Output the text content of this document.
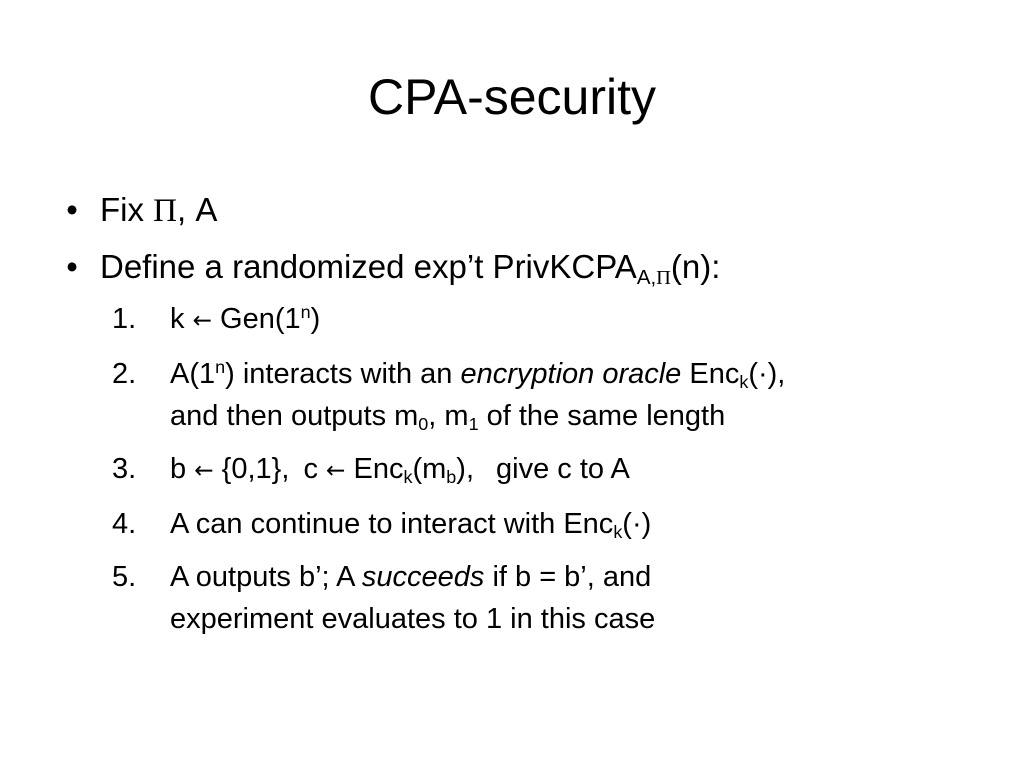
CPA-security
• Fix Π, A
• Define a randomized exp’t PrivKCPA$_{A,\Pi}$(n):
1. k ← Gen(1$^n$)
2. A(1$^n$) interacts with an encryption oracle Enc$_k$(·),
and then outputs $m_0$, $m_1$ of the same length
3. b ← {0,1}, c ← $Enc_k(m_b)$, give c to A
4. A can continue to interact with Enc$_k$(·)
5. A outputs b’; A succeeds if b = b’, and
experiment evaluates to 1 in this case
